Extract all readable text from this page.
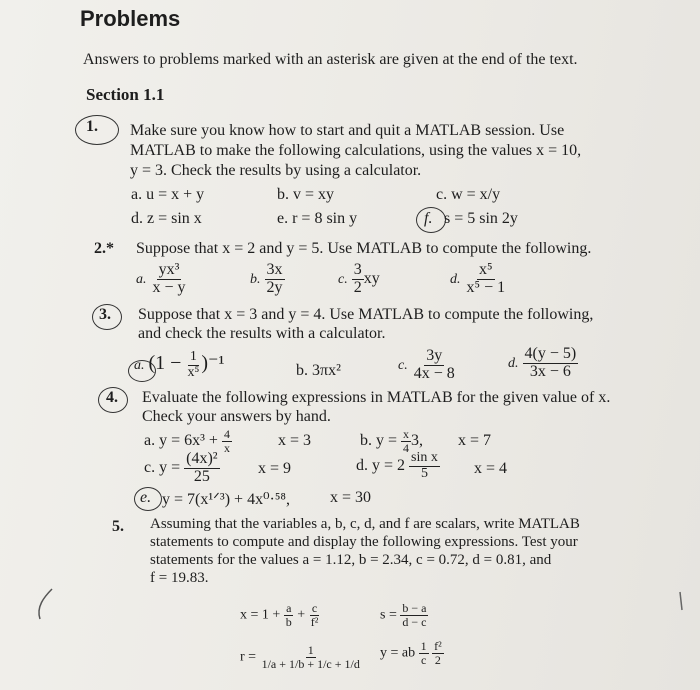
Problems
Answers to problems marked with an asterisk are given at the end of the text.
Section 1.1
1. Make sure you know how to start and quit a MATLAB session. Use
MATLAB to make the following calculations, using the values x = 10,
y = 3. Check the results by using a calculator.
a. u = x + y	b. v = xy	c. w = x/y
d. z = sin x	e. r = 8 sin y	f. s = 5 sin 2y
2.* Suppose that x = 2 and y = 5. Use MATLAB to compute the following.
a. $\frac{\text{yx³}}{x - y}$	b. $\frac{3x}{2y}$	c. $\frac{3}{2}$ xy	d. $\frac{\text{x⁵}}{\text{x⁵ − 1}}$
3. Suppose that x = 3 and y = 4. Use MATLAB to compute the following,
and check the results with a calculator.
a. $(1 - \frac{1}{\text{x⁵}} )^{-1}$	b. 3πx²	c. $\frac{3y}{4x - 8}$	d. $\frac{4(y - 5)}{3x - 6}$
4. Evaluate the following expressions in MATLAB for the given value of x.
Check your answers by hand.
a. $y = 6x^3 + \frac{4}{x}$	x = 3	b. $y = \frac{x}{4} 3$, x = 7
c. $y = \frac{\text{(4x)²}}{25}$ x = 9	d. $y = 2 \frac{\text{sin x}}{5}$ x = 4
e. y = 7(x¹ᐟ³) + 4x⁰·⁵⁸,	x = 30
5. Assuming that the variables a, b, c, d, and f are scalars, write MATLAB
statements to compute and display the following expressions. Test your
statements for the values a = 1.12, b = 2.34, c = 0.72, d = 0.81, and
f = 19.83.
$x = 1 + \frac{a}{b} + \frac{c}{\text{f²}}$	$s = \frac{b - a}{d - c}$
$r = \frac{1}{1/a + 1/b + 1/c + 1/d}$ y = ab $\frac{1}{c}$
$\frac{\text{f²}}{2}$
